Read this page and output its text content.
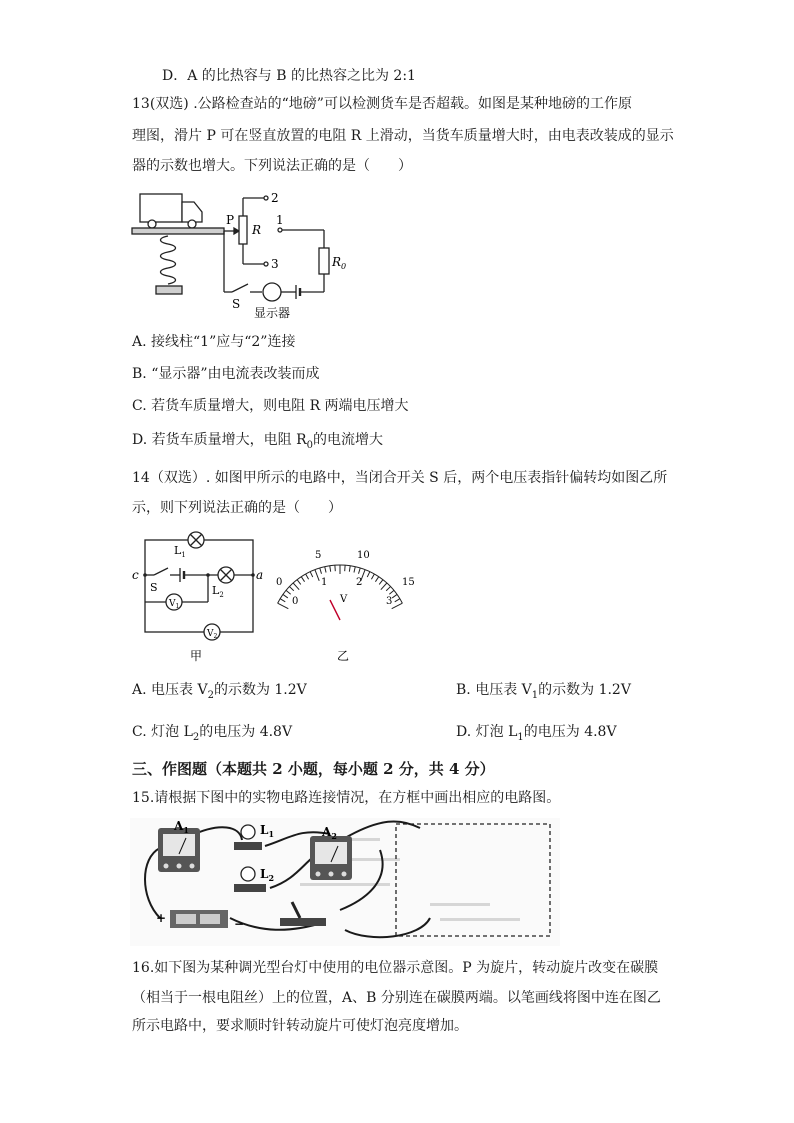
D．A 的比热容与 B 的比热容之比为 2:1
13(双选) .公路检查站的“地磅”可以检测货车是否超载。如图是某种地磅的工作原
理图，滑片 P 可在竖直放置的电阻 R 上滑动，当货车质量增大时，由电表改装成的显示
器的示数也增大。下列说法正确的是（　　）
P
R
2
1
3	$R_0$
S
显示器
A. 接线柱“1”应与“2”连接
B. “显示器”由电流表改装而成
C. 若货车质量增大，则电阻 R 两端电压增大
D. 若货车质量增大，电阻 $R_0$的电流增大
14（双选）. 如图甲所示的电路中，当闭合开关 S 后，两个电压表指针偏转均如图乙所
示，则下列说法正确的是（　　）
$L_1$
$L_2$
c	a
S
$V_1$
$V_2$
甲
0
5	10
15
0
1	2
3
V
乙
A. 电压表 $V_2$的示数为 1.2V	B. 电压表 $V_1$的示数为 1.2V
C. 灯泡 $L_2$的电压为 4.8V	D. 灯泡 $L_1$的电压为 4.8V
三、作图题（本题共 2 小题，每小题 2 分，共 4 分）
15.请根据下图中的实物电路连接情况，在方框中画出相应的电路图。
$A_1$	$L_1$
$L_2$
$A_2$
+	−
16.如下图为某种调光型台灯中使用的电位器示意图。P 为旋片，转动旋片改变在碳膜
（相当于一根电阻丝）上的位置，A、B 分别连在碳膜两端。以笔画线将图中连在图乙
所示电路中，要求顺时针转动旋片可使灯泡亮度增加。
